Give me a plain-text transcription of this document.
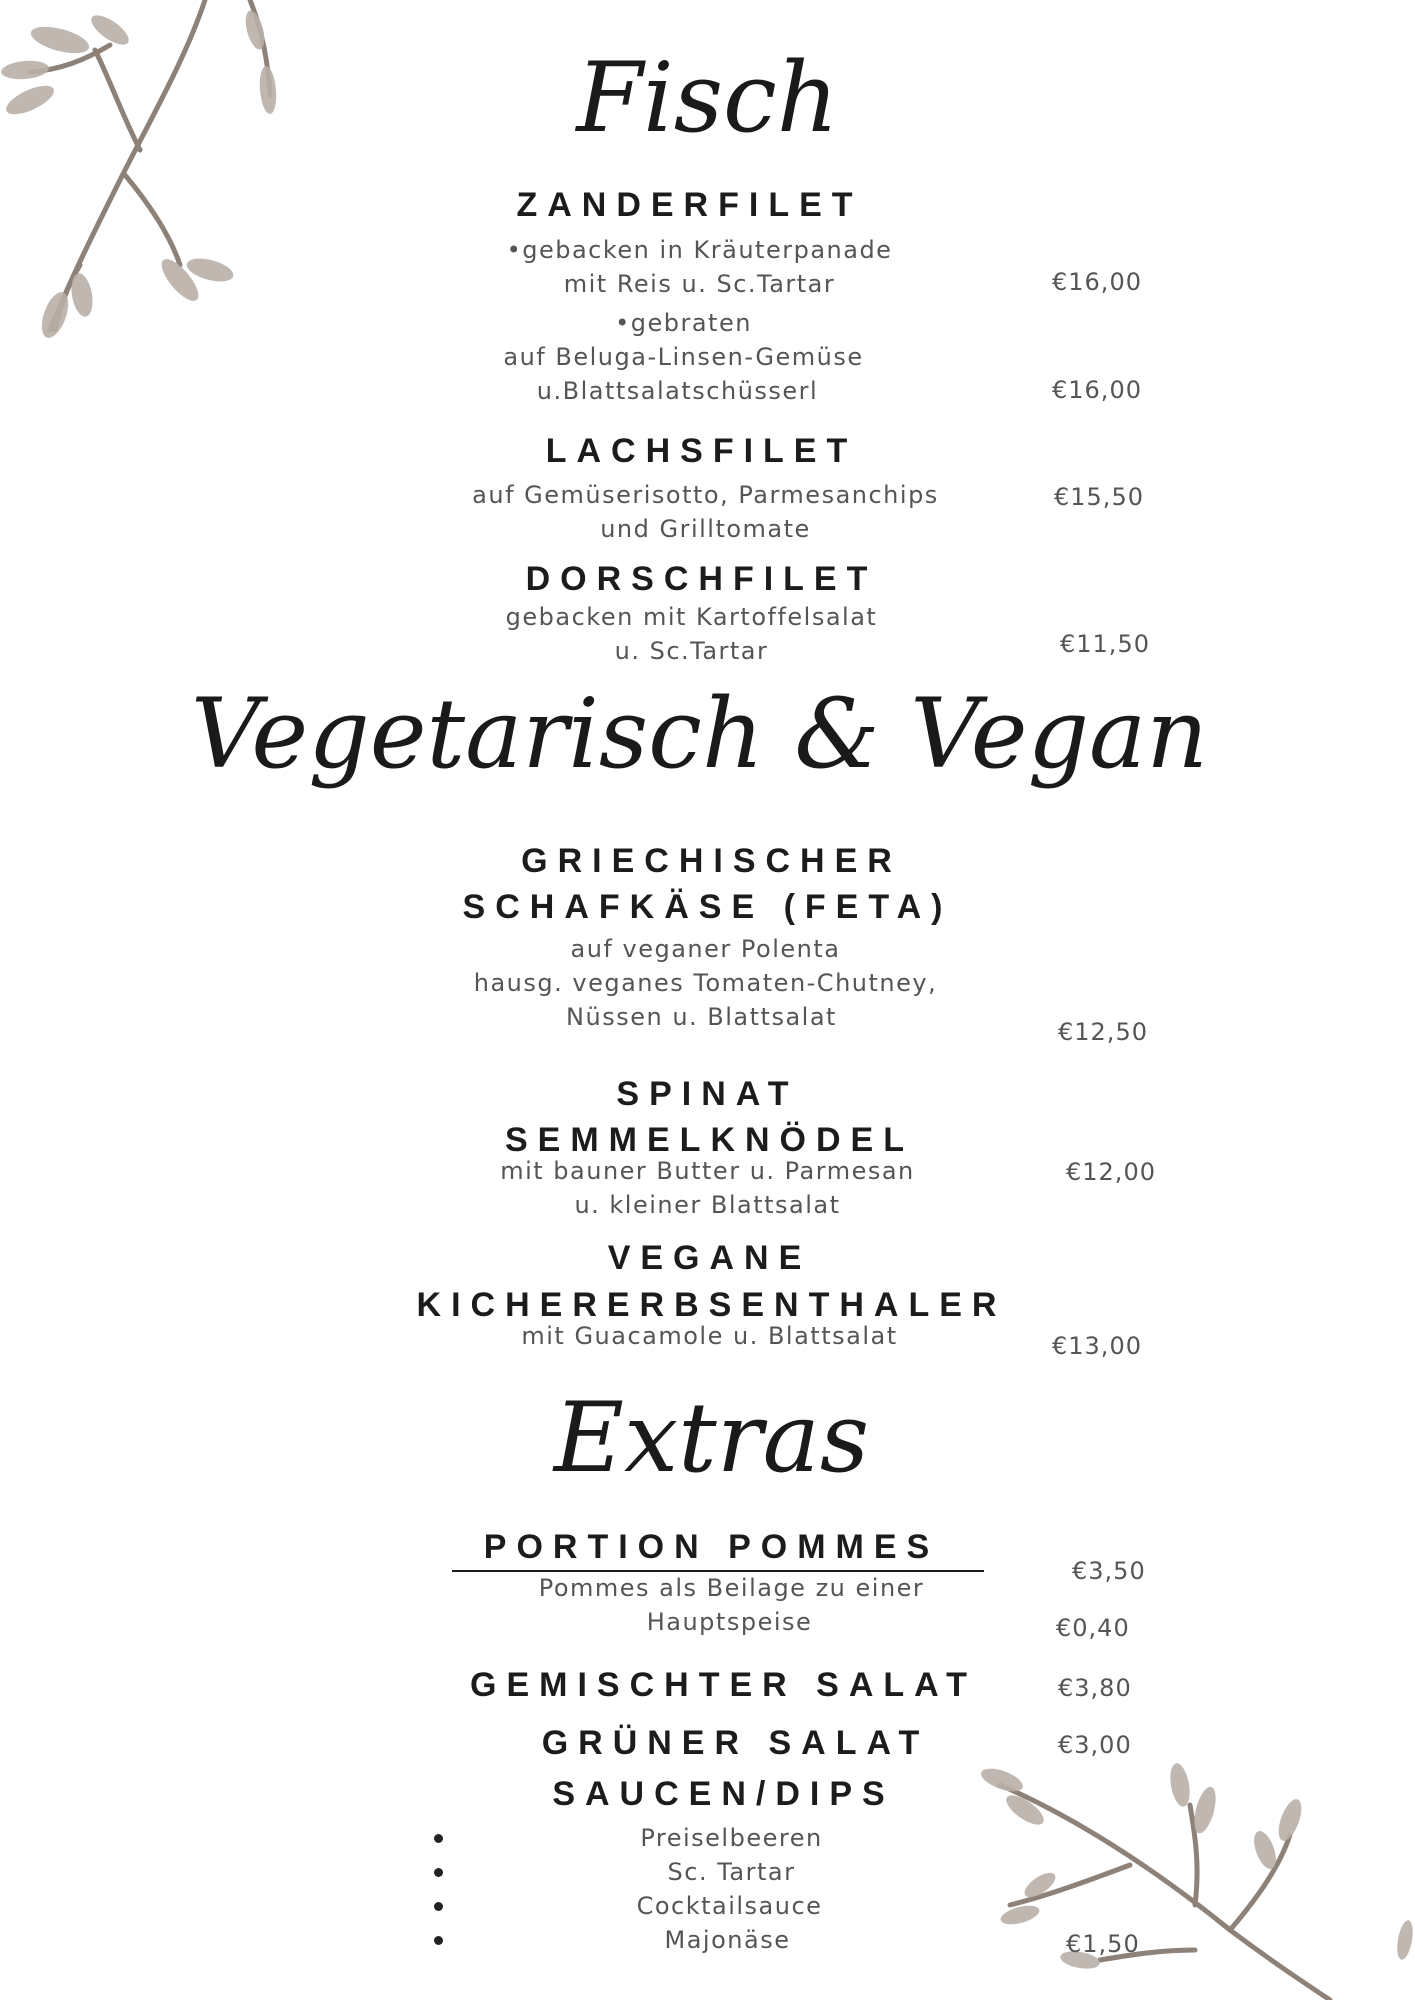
Fisch
ZANDERFILET
•gebacken in Kräuterpanade
mit Reis u. Sc.Tartar	€16,00
•gebraten
auf Beluga-Linsen-Gemüse
u.Blattsalatschüsserl	€16,00
LACHSFILET
auf Gemüserisotto, Parmesanchips
und Grilltomate
€15,50
DORSCHFILET
gebacken mit Kartoffelsalat
u. Sc.Tartar	€11,50
Vegetarisch & Vegan
GRIECHISCHER
SCHAFKÄSE (FETA)
auf veganer Polenta
hausg. veganes Tomaten-Chutney,
Nüssen u. Blattsalat
€12,50
SPINAT
SEMMELKNÖDEL
mit bauner Butter u. Parmesan
u. kleiner Blattsalat
€12,00
VEGANE
KICHERERBSENTHALER
mit Guacamole u. Blattsalat	€13,00
Extras
PORTION POMMES
€3,50
Pommes als Beilage zu einer
Hauptspeise	€0,40
GEMISCHTER SALAT	€3,80
GRÜNER SALAT	€3,00
SAUCEN/DIPS
Preiselbeeren
Sc. Tartar
Cocktailsauce
Majonäse	€1,50
